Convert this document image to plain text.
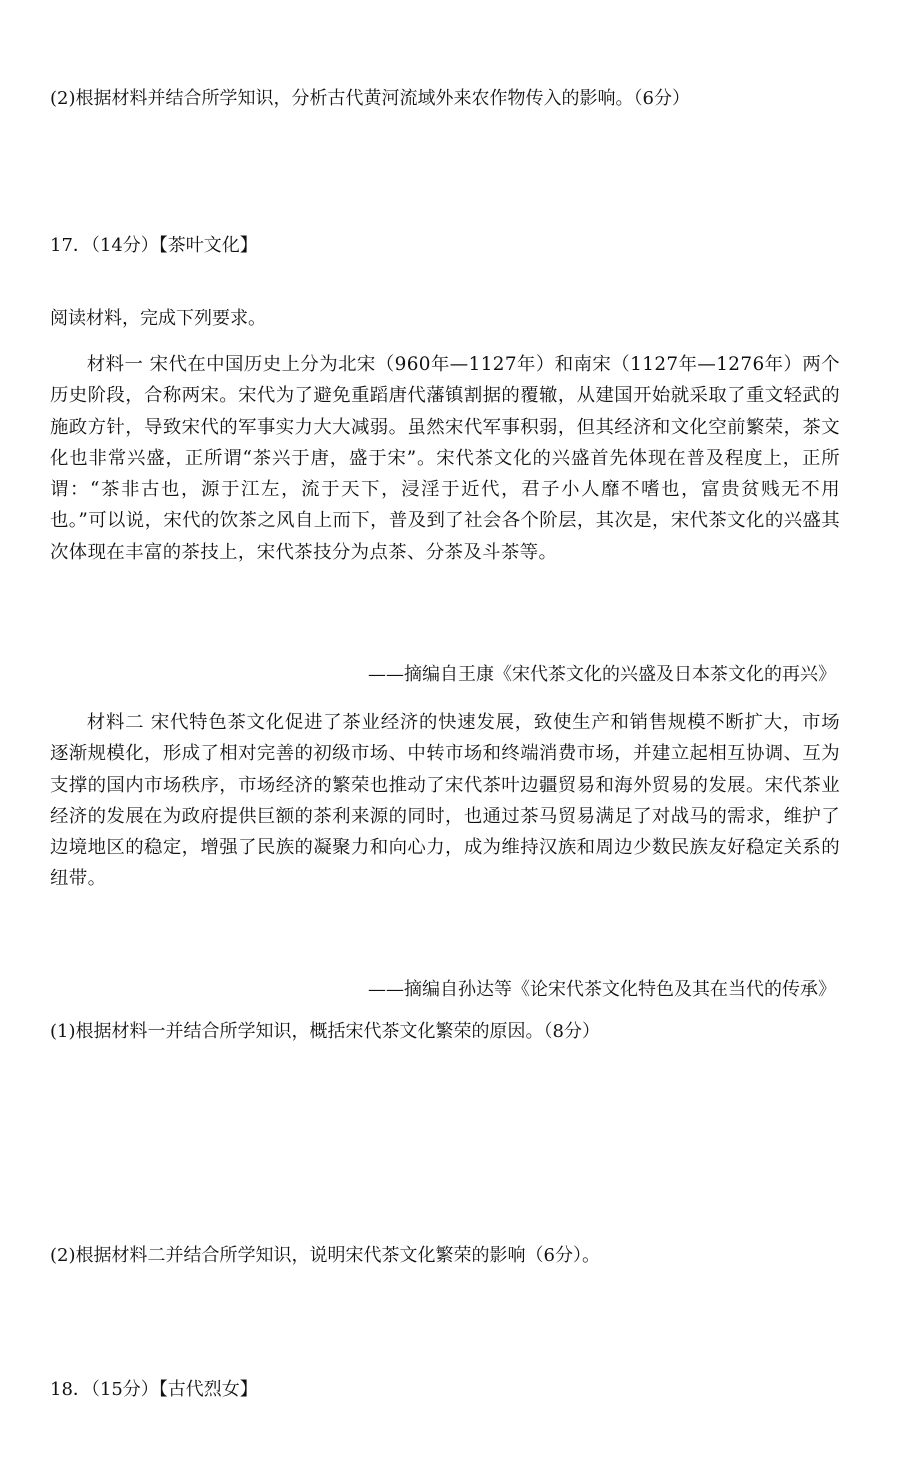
(2)根据材料并结合所学知识，分析古代黄河流域外来农作物传入的影响。（6分）
17．（14分）【茶叶文化】
阅读材料，完成下列要求。
材料一 宋代在中国历史上分为北宋（960年—1127年）和南宋（1127年—1276年）两个历史阶段，合称两宋。宋代为了避免重蹈唐代藩镇割据的覆辙，从建国开始就采取了重文轻武的施政方针，导致宋代的军事实力大大减弱。虽然宋代军事积弱，但其经济和文化空前繁荣，茶文化也非常兴盛，正所谓“茶兴于唐，盛于宋”。宋代茶文化的兴盛首先体现在普及程度上，正所谓：“茶非古也，源于江左，流于天下，浸淫于近代，君子小人靡不嗜也，富贵贫贱无不用也。”可以说，宋代的饮茶之风自上而下，普及到了社会各个阶层，其次是，宋代茶文化的兴盛其次体现在丰富的茶技上，宋代茶技分为点茶、分茶及斗茶等。
——摘编自王康《宋代茶文化的兴盛及日本茶文化的再兴》
材料二 宋代特色茶文化促进了茶业经济的快速发展，致使生产和销售规模不断扩大，市场逐渐规模化，形成了相对完善的初级市场、中转市场和终端消费市场，并建立起相互协调、互为支撑的国内市场秩序，市场经济的繁荣也推动了宋代茶叶边疆贸易和海外贸易的发展。宋代茶业经济的发展在为政府提供巨额的茶利来源的同时，也通过茶马贸易满足了对战马的需求，维护了边境地区的稳定，增强了民族的凝聚力和向心力，成为维持汉族和周边少数民族友好稳定关系的纽带。
——摘编自孙达等《论宋代茶文化特色及其在当代的传承》
(1)根据材料一并结合所学知识，概括宋代茶文化繁荣的原因。（8分）
(2)根据材料二并结合所学知识，说明宋代茶文化繁荣的影响（6分）。
18．（15分）【古代烈女】
